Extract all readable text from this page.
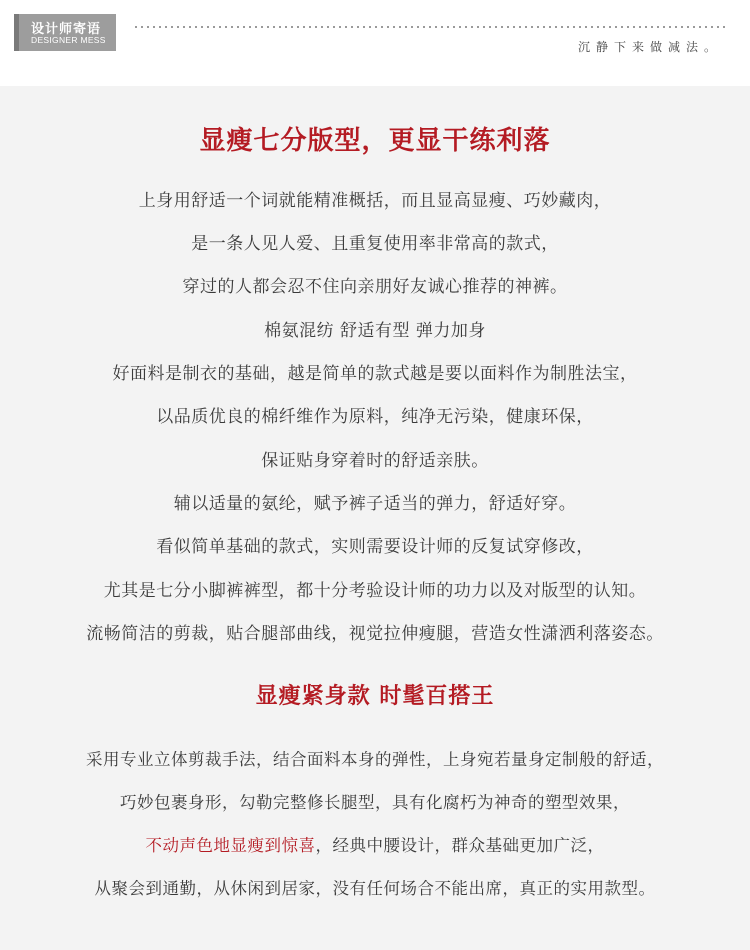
设计师寄语
DESIGNER MESS	沉静下来做减法。
显瘦七分版型，更显干练利落
上身用舒适一个词就能精准概括，而且显高显瘦、巧妙藏肉，
是一条人见人爱、且重复使用率非常高的款式，
穿过的人都会忍不住向亲朋好友诚心推荐的神裤。
棉氨混纺 舒适有型 弹力加身
好面料是制衣的基础，越是简单的款式越是要以面料作为制胜法宝，
以品质优良的棉纤维作为原料，纯净无污染，健康环保，
保证贴身穿着时的舒适亲肤。
辅以适量的氨纶，赋予裤子适当的弹力，舒适好穿。
看似简单基础的款式，实则需要设计师的反复试穿修改，
尤其是七分小脚裤裤型，都十分考验设计师的功力以及对版型的认知。
流畅简洁的剪裁，贴合腿部曲线，视觉拉伸瘦腿，营造女性潇洒利落姿态。
显瘦紧身款 时髦百搭王
采用专业立体剪裁手法，结合面料本身的弹性，上身宛若量身定制般的舒适，
巧妙包裹身形，勾勒完整修长腿型，具有化腐朽为神奇的塑型效果，
不动声色地显瘦到惊喜，经典中腰设计，群众基础更加广泛，
从聚会到通勤，从休闲到居家，没有任何场合不能出席，真正的实用款型。
